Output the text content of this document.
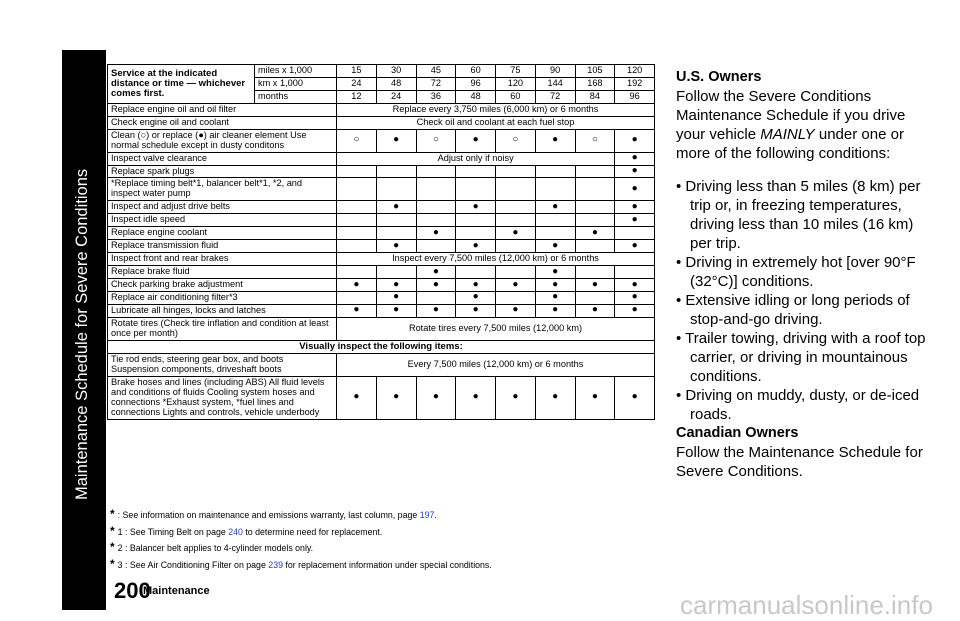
Maintenance Schedule for Severe Conditions
Service at the indicated distance or time — whichever comes first.	miles x 1,000	15	30	45	60	75	90	105	120
	km x 1,000	24	48	72	96	120	144	168	192
	months	12	24	36	48	60	72	84	96
Replace engine oil and oil filter		Replace every 3,750 miles (6,000 km) or 6 months							
Check engine oil and coolant		Check oil and coolant at each fuel stop							
Clean (○) or replace (●) air cleaner element Use normal schedule except in dusty conditons		○	●	○	●	○	●	○	●
Inspect valve clearance		Adjust only if noisy							●
Replace spark plugs									●
*Replace timing belt*1, balancer belt*1, *2, and inspect water pump									●
Inspect and adjust drive belts			●		●		●		●
Inspect idle speed									●
Replace engine coolant				●		●		●	
Replace transmission fluid			●		●		●		●
Inspect front and rear brakes		Inspect every 7,500 miles (12,000 km) or 6 months							
Replace brake fluid				●			●		
Check parking brake adjustment		●	●	●	●	●	●	●	●
Replace air conditioning filter*3			●		●		●		●
Lubricate all hinges, locks and latches		●	●	●	●	●	●	●	●
Rotate tires (Check tire inflation and condition at least once per month)		Rotate tires every 7,500 miles (12,000 km)							
Visually inspect the following items:									
Tie rod ends, steering gear box, and boots Suspension components, driveshaft boots		Every 7,500 miles (12,000 km) or 6 months							
Brake hoses and lines (including ABS) All fluid levels and conditions of fluids Cooling system hoses and connections *Exhaust system, *fuel lines and connections Lights and controls, vehicle underbody		●	●	●	●	●	●	●	●
* : See information on maintenance and emissions warranty, last column, page 197.
* 1 : See Timing Belt on page 240 to determine need for replacement.
* 2 : Balancer belt applies to 4-cylinder models only.
* 3 : See Air Conditioning Filter on page 239 for replacement information under special conditions.
200
Maintenance
U.S. Owners

Follow the Severe Conditions Maintenance Schedule if you drive your vehicle MAINLY under one or more of the following conditions:

• Driving less than 5 miles (8 km) per trip or, in freezing temperatures, driving less than 10 miles (16 km) per trip.
• Driving in extremely hot [over 90°F (32°C)] conditions.
• Extensive idling or long periods of stop-and-go driving.
• Trailer towing, driving with a roof top carrier, or driving in mountainous conditions.
• Driving on muddy, dusty, or de-iced roads.
Canadian Owners

Follow the Maintenance Schedule for Severe Conditions.

carmanualsonline.info
